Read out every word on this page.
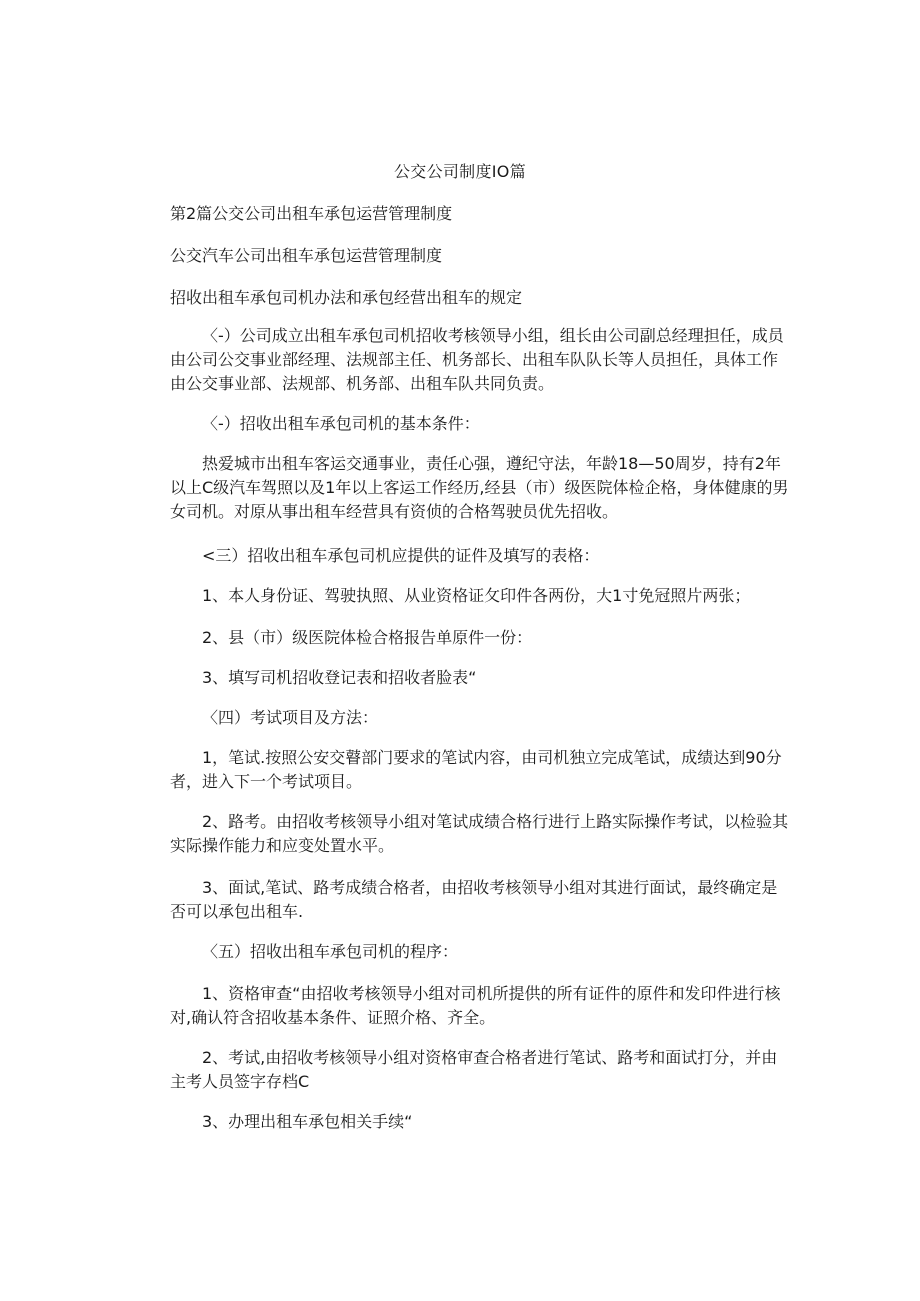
公交公司制度IO篇

第2篇公交公司出租车承包运营管理制度

公交汽车公司出租车承包运营管理制度

招收出租车承包司机办法和承包经营出租车的规定

〈-）公司成立出租车承包司机招收考核领导小组，组长由公司副总经理担任，成员由公司公交事业部经理、法规部主任、机务部长、出租车队队长等人员担任，具体工作由公交事业部、法规部、机务部、出租车队共同负责。

〈-）招收出租车承包司机的基本条件：

热爱城市出租车客运交通事业，责任心强，遵纪守法，年龄18—50周岁，持有2年以上C级汽车驾照以及1年以上客运工作经历,经县（市）级医院体检企格，身体健康的男女司机。对原从事出租车经营具有资侦的合格驾驶员优先招收。

<三）招收出租车承包司机应提供的证件及填写的表格：

1、本人身份证、驾驶执照、从业资格证攵印件各两份，大1寸免冠照片两张；

2、县（市）级医院体检合格报告单原件一份：

3、填写司机招收登记表和招收者脸表“

〈四）考试项目及方法：

1，笔试.按照公安交瞽部门要求的笔试内容，由司机独立完成笔试，成绩达到90分者，进入下一个考试项目。

2、路考。由招收考核领导小组对笔试成绩合格行进行上路实际操作考试，以检验其实际操作能力和应变处置水平。

3、面试,笔试、路考成绩合格者，由招收考核领导小组对其进行面试，最终确定是否可以承包出租车.

〈五）招收出租车承包司机的程序：

1、资格审查“由招收考核领导小组对司机所提供的所有证件的原件和发印件进行核对,确认符含招收基本条件、证照介格、齐全。

2、考试,由招收考核领导小组对资格审查合格者进行笔试、路考和面试打分，并由主考人员签字存档C

3、办理出租车承包相关手续“
